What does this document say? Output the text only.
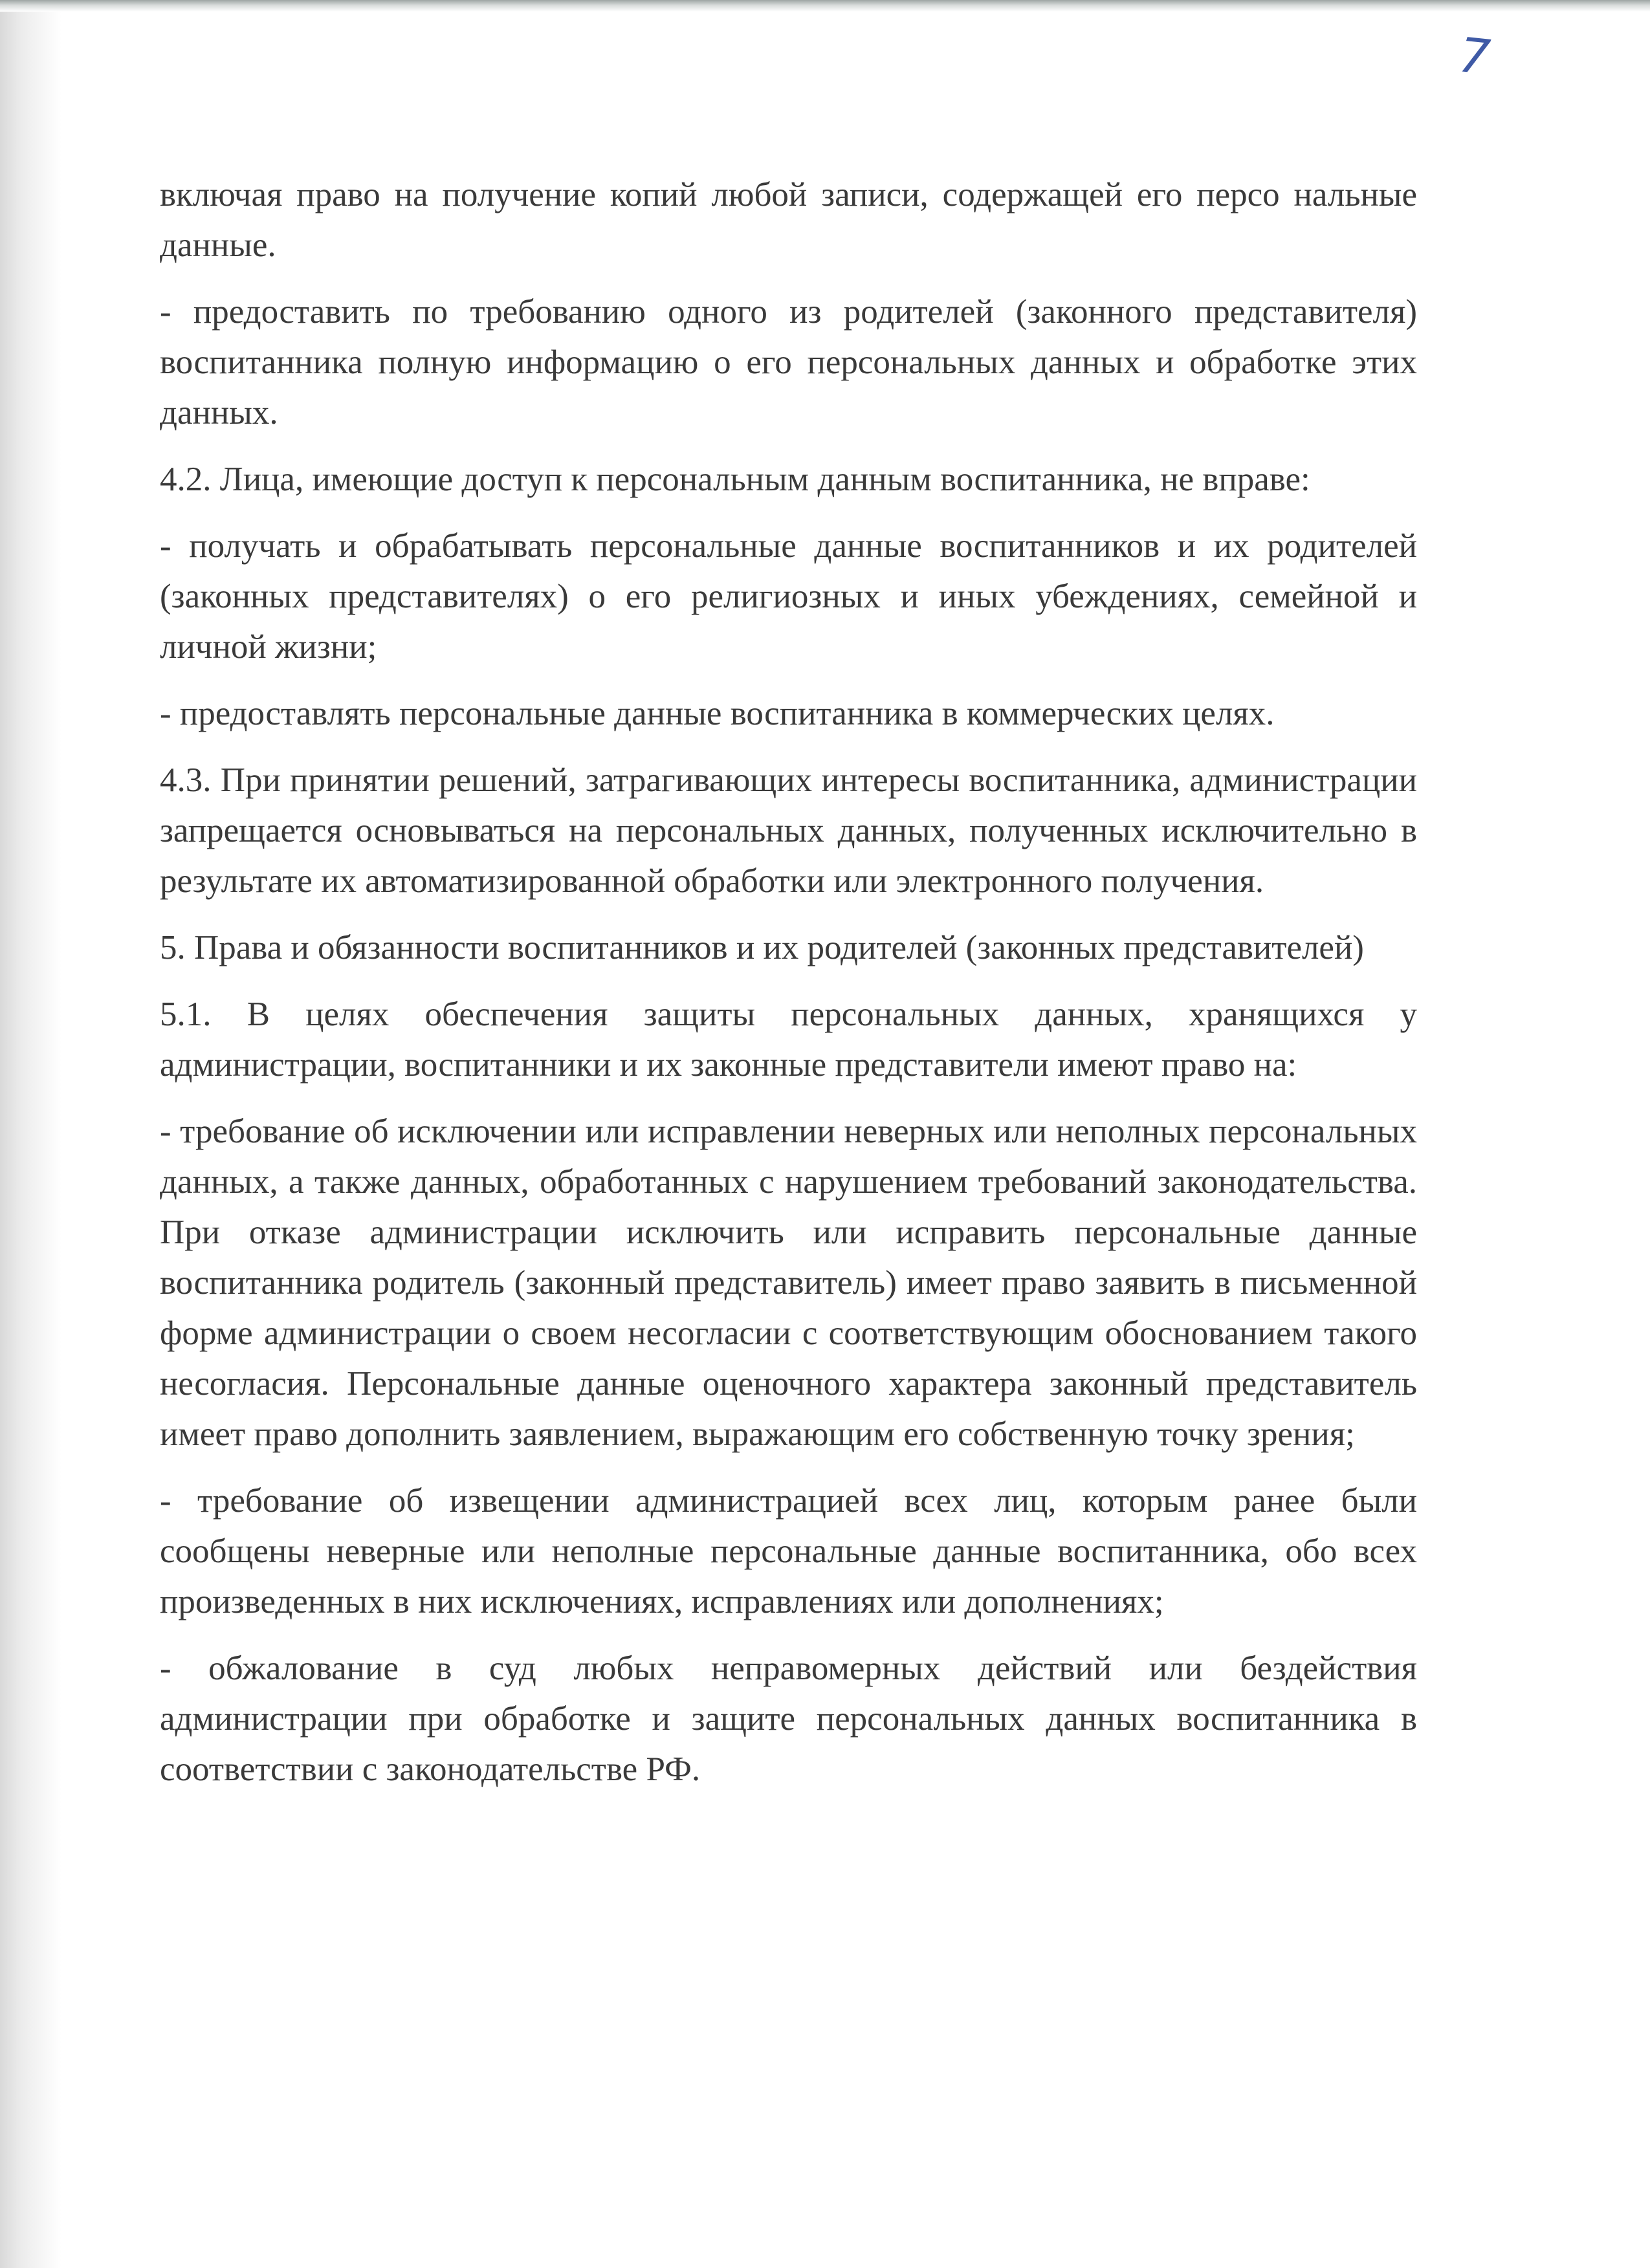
7

включая право на получение копий любой записи, содержащей его персо нальные данные.

- предоставить по требованию одного из родителей (законного представителя) воспитанника полную информацию о его персональных данных и обработке этих данных.

4.2. Лица, имеющие доступ к персональным данным воспитанника, не вправе:

- получать и обрабатывать персональные данные воспитанников и их родителей (законных представителях) о его религиозных и иных убеждениях, семейной и личной жизни;

- предоставлять персональные данные воспитанника в коммерческих целях.

4.3. При принятии решений, затрагивающих интересы воспитанника, администрации запрещается основываться на персональных данных, полученных исключительно в результате их автоматизированной обработки или электронного получения.

5. Права и обязанности воспитанников и их родителей (законных представителей)

5.1. В целях обеспечения защиты персональных данных, хранящихся у администрации, воспитанники и их законные представители имеют право на:

- требование об исключении или исправлении неверных или неполных персональных данных, а также данных, обработанных с нарушением требований законодательства. При отказе администрации исключить или исправить персональные данные воспитанника родитель (законный представитель) имеет право заявить в письменной форме администрации о своем несогласии с соответствующим обоснованием такого несогласия. Персональные данные оценочного характера законный представитель имеет право дополнить заявлением, выражающим его собственную точку зрения;

- требование об извещении администрацией всех лиц, которым ранее были сообщены неверные или неполные персональные данные воспитанника, обо всех произведенных в них исключениях, исправлениях или дополнениях;

- обжалование в суд любых неправомерных действий или бездействия администрации при обработке и защите персональных данных воспитанника в соответствии с законодательстве РФ.
